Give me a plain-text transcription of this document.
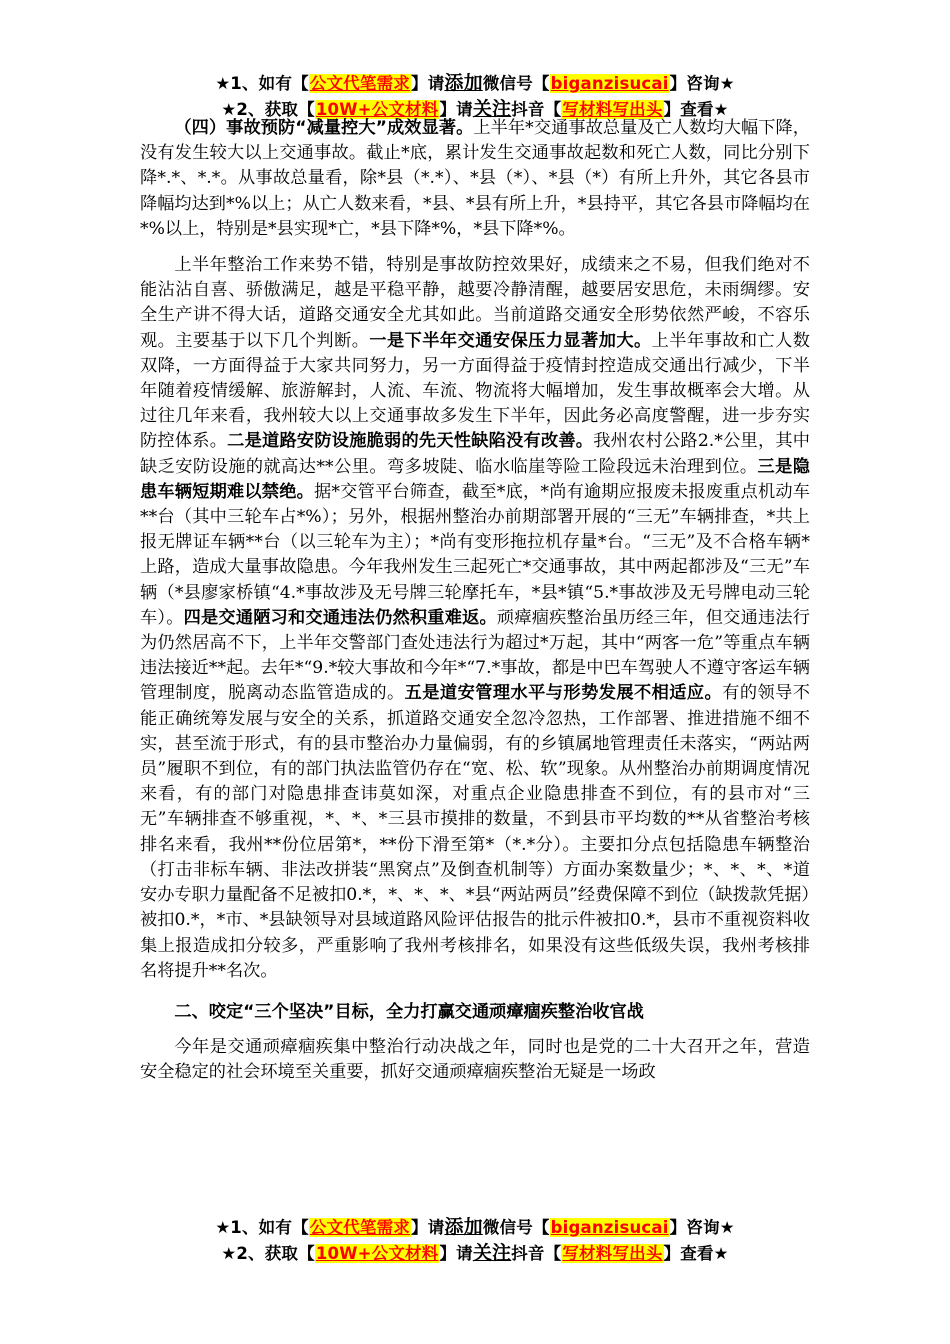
★1、如有【公文代笔需求】请添加微信号【biganzisucai】咨询★
★2、获取【10W+公文材料】请关注抖音【写材料写出头】查看★

（四）事故预防“减量控大”成效显著。上半年*交通事故总量及亡人数均大幅下降，没有发生较大以上交通事故。截止*底，累计发生交通事故起数和死亡人数，同比分别下降*.*、*.*。从事故总量看，除*县（*.*）、*县（*）、*县（*）有所上升外，其它各县市降幅均达到*%以上；从亡人数来看，*县、*县有所上升，*县持平，其它各县市降幅均在*%以上，特别是*县实现*亡，*县下降*%，*县下降*%。

上半年整治工作来势不错，特别是事故防控效果好，成绩来之不易，但我们绝对不能沾沾自喜、骄傲满足，越是平稳平静，越要冷静清醒，越要居安思危，未雨绸缪。安全生产讲不得大话，道路交通安全尤其如此。当前道路交通安全形势依然严峻，不容乐观。主要基于以下几个判断。一是下半年交通安保压力显著加大。上半年事故和亡人数双降，一方面得益于大家共同努力，另一方面得益于疫情封控造成交通出行减少，下半年随着疫情缓解、旅游解封，人流、车流、物流将大幅增加，发生事故概率会大增。从过往几年来看，我州较大以上交通事故多发生下半年，因此务必高度警醒，进一步夯实防控体系。二是道路安防设施脆弱的先天性缺陷没有改善。我州农村公路2.*公里，其中缺乏安防设施的就高达**公里。弯多坡陡、临水临崖等险工险段远未治理到位。三是隐患车辆短期难以禁绝。据*交管平台筛查，截至*底，*尚有逾期应报废未报废重点机动车**台（其中三轮车占*%）；另外，根据州整治办前期部署开展的“三无”车辆排查，*共上报无牌证车辆**台（以三轮车为主）；*尚有变形拖拉机存量*台。“三无”及不合格车辆*上路，造成大量事故隐患。今年我州发生三起死亡*交通事故，其中两起都涉及“三无”车辆（*县廖家桥镇“4.*事故涉及无号牌三轮摩托车，*县*镇“5.*事故涉及无号牌电动三轮车）。四是交通陋习和交通违法仍然积重难返。顽瘴痼疾整治虽历经三年，但交通违法行为仍然居高不下，上半年交警部门查处违法行为超过*万起，其中“两客一危”等重点车辆违法接近**起。去年*“9.*较大事故和今年*“7.*事故，都是中巴车驾驶人不遵守客运车辆管理制度，脱离动态监管造成的。五是道安管理水平与形势发展不相适应。有的领导不能正确统筹发展与安全的关系，抓道路交通安全忽冷忽热，工作部署、推进措施不细不实，甚至流于形式，有的县市整治办力量偏弱，有的乡镇属地管理责任未落实，“两站两员”履职不到位，有的部门执法监管仍存在“宽、松、软”现象。从州整治办前期调度情况来看，有的部门对隐患排查讳莫如深，对重点企业隐患排查不到位，有的县市对“三无”车辆排查不够重视，*、*、*三县市摸排的数量，不到县市平均数的**从省整治考核排名来看，我州**份位居第*，**份下滑至第*（*.*分）。主要扣分点包括隐患车辆整治（打击非标车辆、非法改拼装“黑窝点”及倒查机制等）方面办案数量少；*、*、*、*道安办专职力量配备不足被扣0.*，*、*、*、*县“两站两员”经费保障不到位（缺拨款凭据）被扣0.*，*市、*县缺领导对县域道路风险评估报告的批示件被扣0.*，县市不重视资料收集上报造成扣分较多，严重影响了我州考核排名，如果没有这些低级失误，我州考核排名将提升**名次。

二、咬定“三个坚决”目标，全力打赢交通顽瘴痼疾整治收官战

今年是交通顽瘴痼疾集中整治行动决战之年，同时也是党的二十大召开之年，营造安全稳定的社会环境至关重要，抓好交通顽瘴痼疾整治无疑是一场政

★1、如有【公文代笔需求】请添加微信号【biganzisucai】咨询★
★2、获取【10W+公文材料】请关注抖音【写材料写出头】查看★
